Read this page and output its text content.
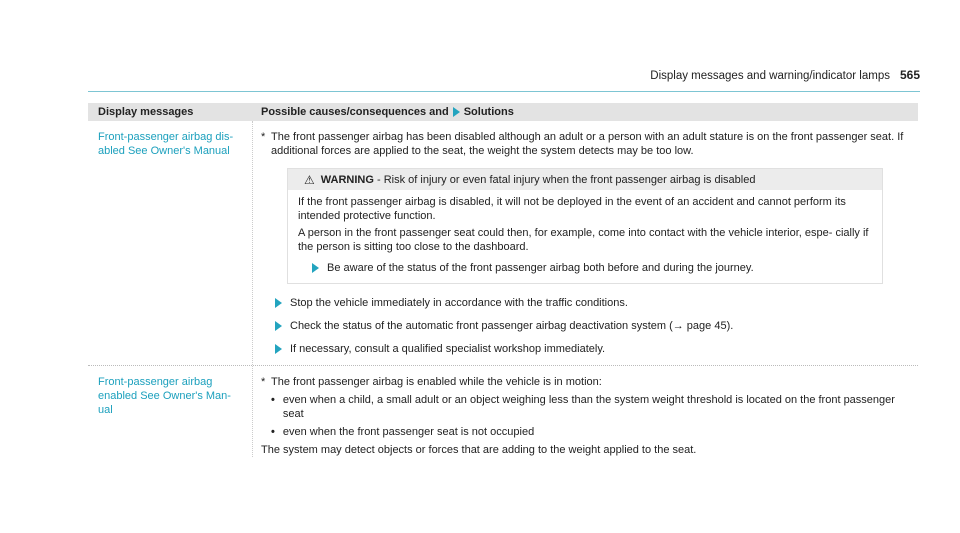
Display messages and warning/indicator lamps 565
Display messages	Possible causes/consequences and Solutions
Front-passenger airbag dis- abled See Owner's Manual
* The front passenger airbag has been disabled although an adult or a person with an adult stature is on the front passenger seat. If additional forces are applied to the seat, the weight the system detects may be too low.
⚠ WARNING - Risk of injury or even fatal injury when the front passenger airbag is disabled

If the front passenger airbag is disabled, it will not be deployed in the event of an accident and cannot perform its intended protective function.

A person in the front passenger seat could then, for example, come into contact with the vehicle interior, espe- cially if the person is sitting too close to the dashboard.

Be aware of the status of the front passenger airbag both before and during the journey.
Stop the vehicle immediately in accordance with the traffic conditions.
Check the status of the automatic front passenger airbag deactivation system (→ page 45).
If necessary, consult a qualified specialist workshop immediately.
Front-passenger airbag enabled See Owner's Man- ual
* The front passenger airbag is enabled while the vehicle is in motion:
• even when a child, a small adult or an object weighing less than the system weight threshold is located on the front passenger seat
• even when the front passenger seat is not occupied
The system may detect objects or forces that are adding to the weight applied to the seat.
